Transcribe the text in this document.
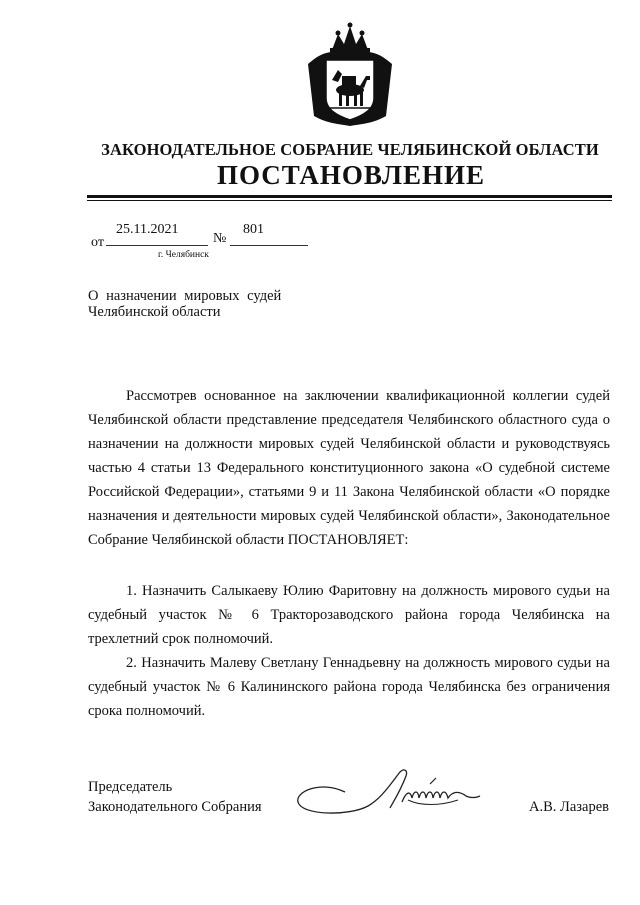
ЗАКОНОДАТЕЛЬНОЕ СОБРАНИЕ ЧЕЛЯБИНСКОЙ ОБЛАСТИ
ПОСТАНОВЛЕНИЕ
от
25.11.2021
№
801
г. Челябинск
О назначении мировых судей
Челябинской области
Рассмотрев основанное на заключении квалификационной коллегии судей Челябинской области представление председателя Челябинского областного суда о назначении на должности мировых судей Челябинской области и руководствуясь частью 4 статьи 13 Федерального конституционного закона «О судебной системе Российской Федерации», статьями 9 и 11 Закона Челябинской области «О порядке назначения и деятельности мировых судей Челябинской области», Законодательное Собрание Челябинской области ПОСТАНОВЛЯЕТ:
1. Назначить Салыкаеву Юлию Фаритовну на должность мирового судьи на судебный участок № 6 Тракторозаводского района города Челябинска на трехлетний срок полномочий.
2. Назначить Малеву Светлану Геннадьевну на должность мирового судьи на судебный участок № 6 Калининского района города Челябинска без ограничения срока полномочий.
Председатель
Законодательного Собрания	А.В. Лазарев
